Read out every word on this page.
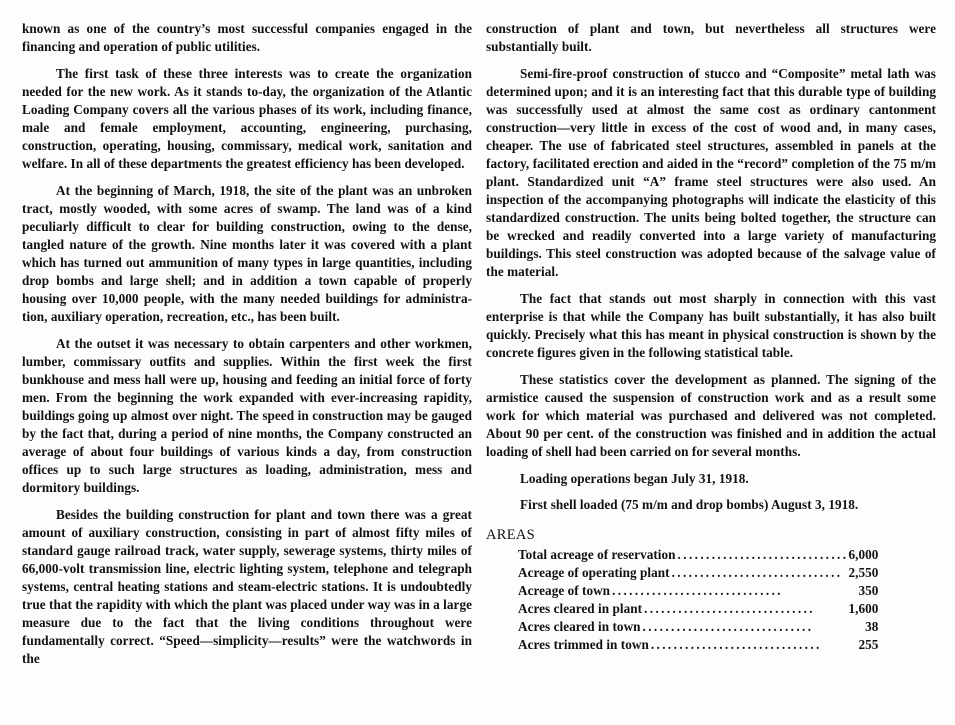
known as one of the country’s most successful companies engaged in the financing and operation of public utilities.

The first task of these three interests was to create the organization needed for the new work. As it stands to-day, the organization of the Atlantic Loading Company covers all the various phases of its work, including finance, male and female employment, accounting, engineering, purchasing, construction, operating, housing, commissary, medical work, sanitation and welfare. In all of these departments the greatest efficiency has been developed.

At the beginning of March, 1918, the site of the plant was an unbroken tract, mostly wooded, with some acres of swamp. The land was of a kind peculiarly difficult to clear for building construction, owing to the dense, tangled nature of the growth. Nine months later it was covered with a plant which has turned out ammunition of many types in large quantities, including drop bombs and large shell; and in addition a town capable of properly housing over 10,000 people, with the many needed buildings for administration, auxiliary operation, recreation, etc., has been built.

At the outset it was necessary to obtain carpenters and other workmen, lumber, commissary outfits and supplies. Within the first week the first bunkhouse and mess hall were up, housing and feeding an initial force of forty men. From the beginning the work expanded with ever-increasing rapidity, buildings going up almost over night. The speed in construction may be gauged by the fact that, during a period of nine months, the Company constructed an average of about four buildings of various kinds a day, from construction offices up to such large structures as loading, administration, mess and dormitory buildings.

Besides the building construction for plant and town there was a great amount of auxiliary construction, consisting in part of almost fifty miles of standard gauge railroad track, water supply, sewerage systems, thirty miles of 66,000-volt transmission line, electric lighting system, telephone and telegraph systems, central heating stations and steam-electric stations. It is undoubtedly true that the rapidity with which the plant was placed under way was in a large measure due to the fact that the living conditions throughout were fundamentally correct. “Speed—simplicity—results” were the watchwords in the

construction of plant and town, but nevertheless all structures were substantially built.

Semi-fire-proof construction of stucco and “Composite” metal lath was determined upon; and it is an interesting fact that this durable type of building was successfully used at almost the same cost as ordinary cantonment construction—very little in excess of the cost of wood and, in many cases, cheaper. The use of fabricated steel structures, assembled in panels at the factory, facilitated erection and aided in the “record” completion of the 75 m/m plant. Standardized unit “A” frame steel structures were also used. An inspection of the accompanying photographs will indicate the elasticity of this standardized construction. The units being bolted together, the structure can be wrecked and readily converted into a large variety of manufacturing buildings. This steel construction was adopted because of the salvage value of the material.

The fact that stands out most sharply in connection with this vast enterprise is that while the Company has built substantially, it has also built quickly. Precisely what this has meant in physical construction is shown by the concrete figures given in the following statistical table.

These statistics cover the development as planned. The signing of the armistice caused the suspension of construction work and as a result some work for which material was purchased and delivered was not completed. About 90 per cent. of the construction was finished and in addition the actual loading of shell had been carried on for several months.

Loading operations began July 31, 1918.

First shell loaded (75 m/m and drop bombs) August 3, 1918.

AREAS
Total acreage of reservation ..............................	6,000
Acreage of operating plant ..............................	2,550
Acreage of town ..............................	350
Acres cleared in plant ..............................	1,600
Acres cleared in town ..............................	38
Acres trimmed in town ..............................	255
